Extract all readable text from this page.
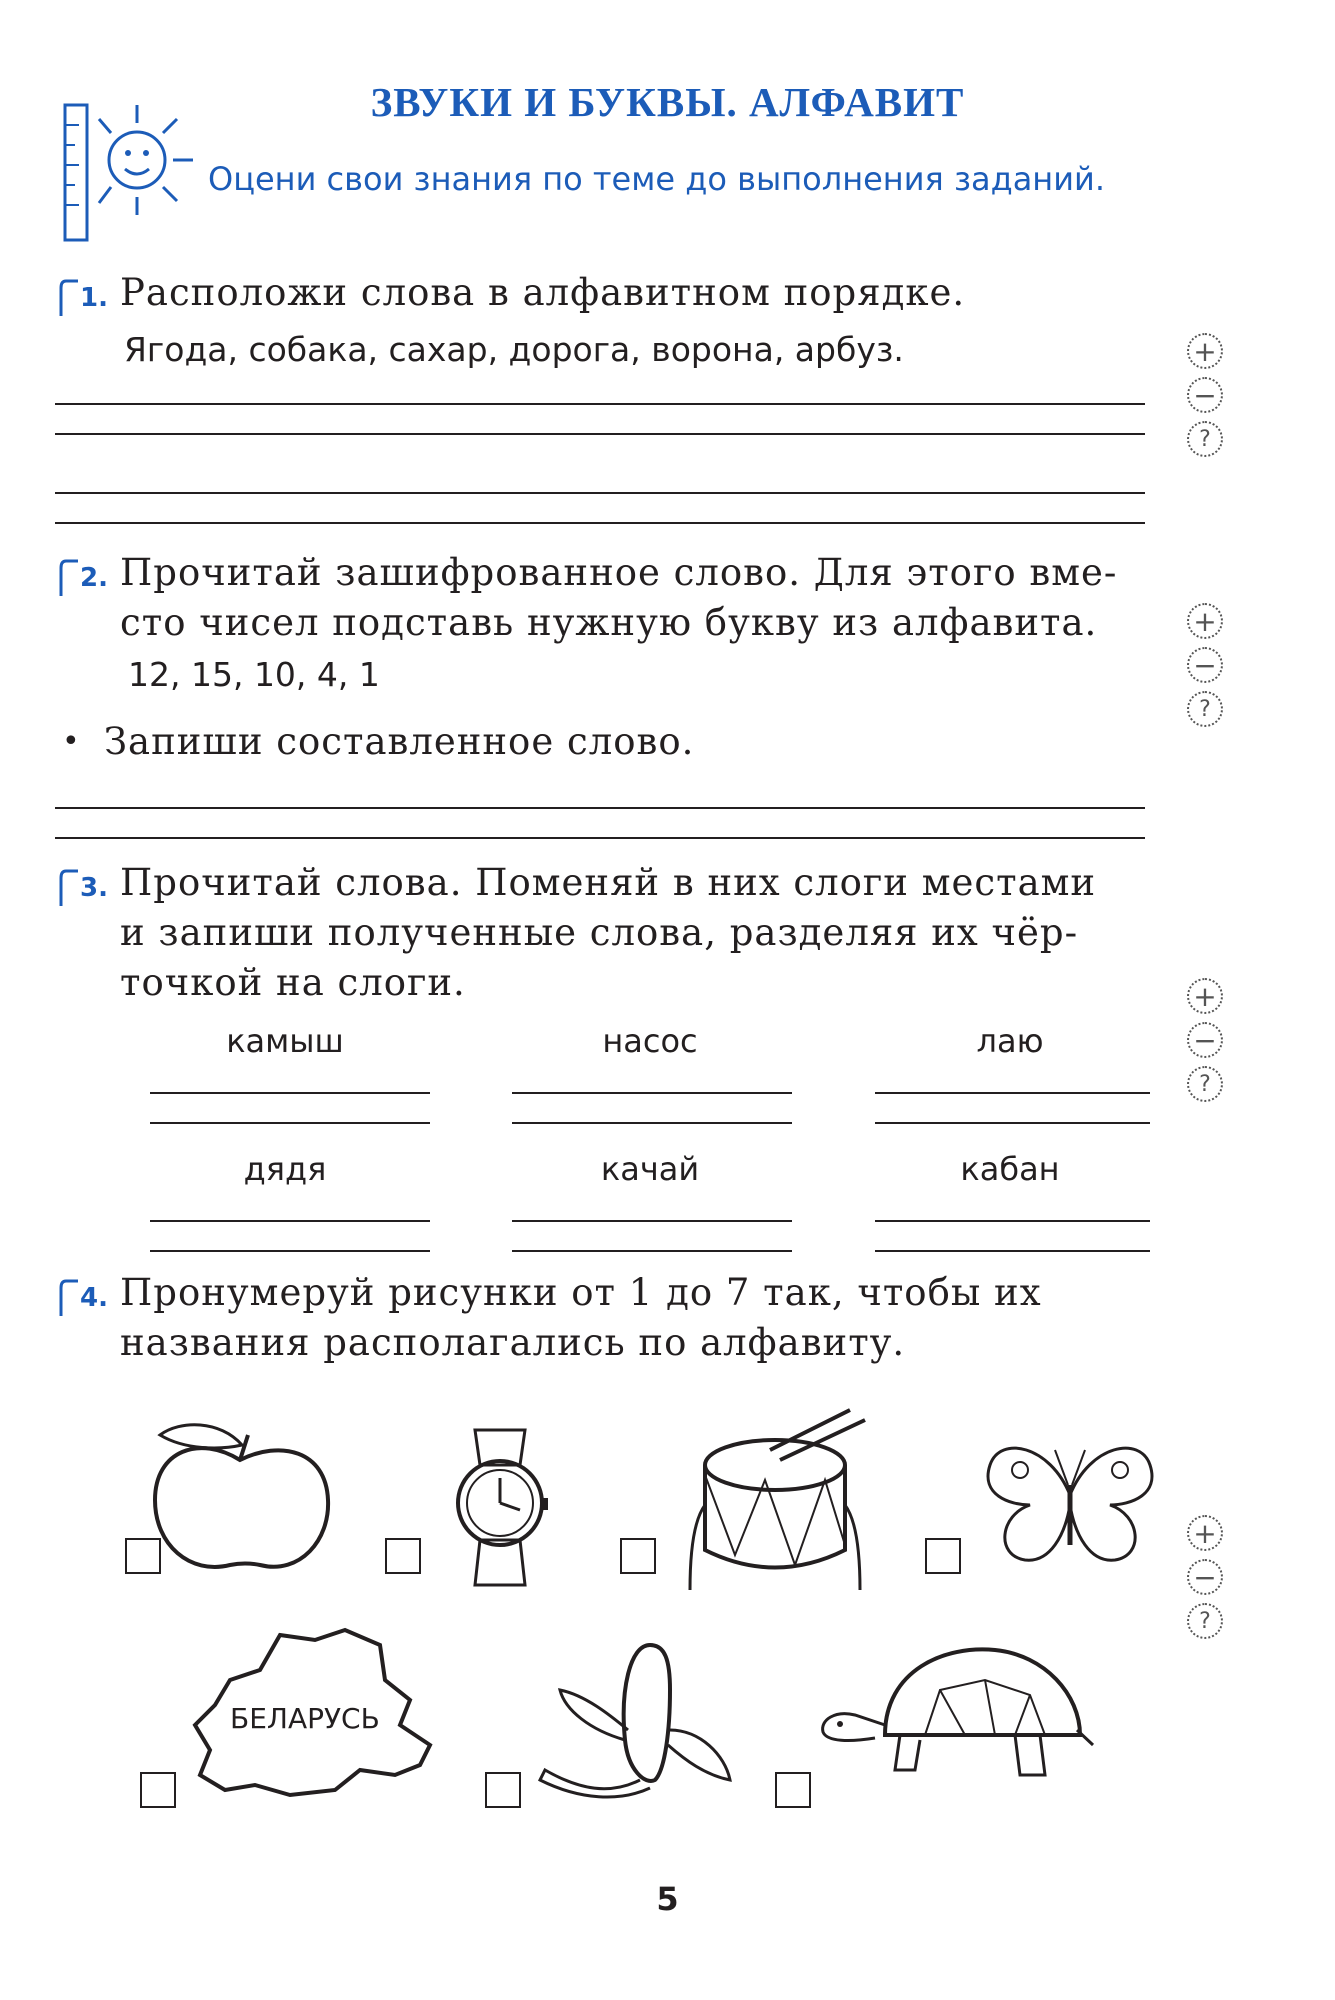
ЗВУКИ И БУКВЫ. АЛФАВИТ
Оцени свои знания по теме до выполнения заданий.
1. Расположи слова в алфавитном порядке.
Ягода, собака, сахар, дорога, ворона, арбуз.	+
−
?
2. Прочитай зашифрованное слово. Для этого вме-
сто чисел подставь нужную букву из алфавита.
12, 15, 10, 4, 1
• Запиши составленное слово.
+
−
?
3. Прочитай слова. Поменяй в них слоги местами
и запиши полученные слова, разделяя их чёр-
точкой на слоги.
камыш	насос	лаю
дядя	качай	кабан
+
−
?
4. Пронумеруй рисунки от 1 до 7 так, чтобы их
названия располагались по алфавиту.
+
−
?
БЕЛАРУСЬ
5
